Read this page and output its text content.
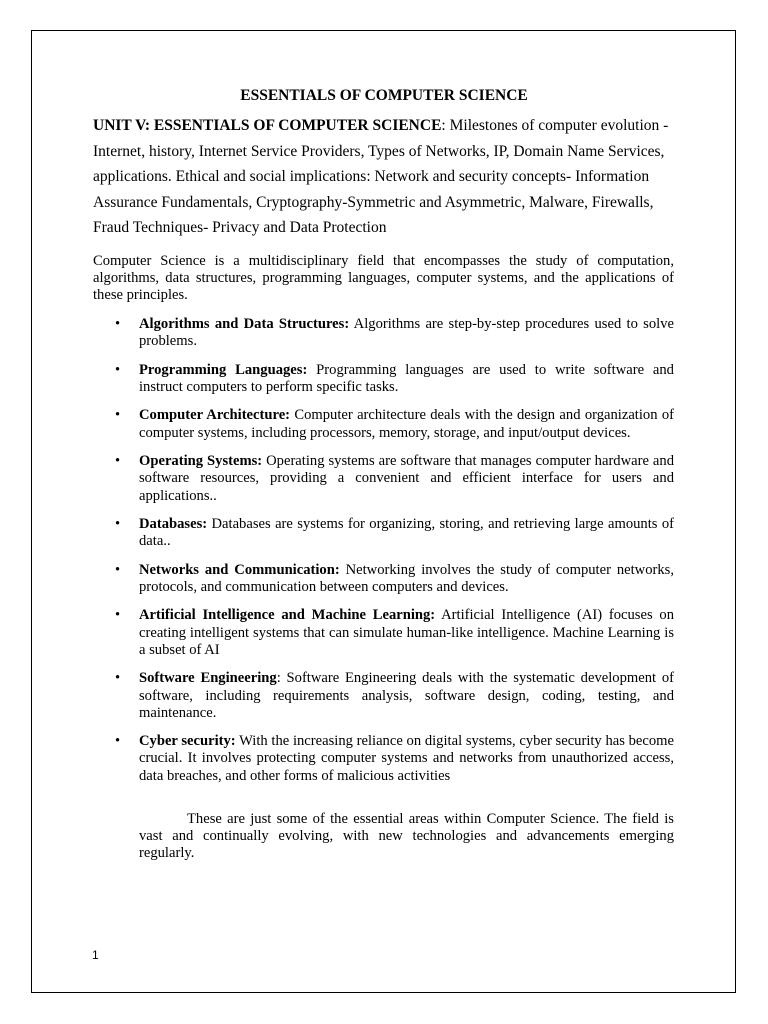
ESSENTIALS OF COMPUTER SCIENCE
UNIT V: ESSENTIALS OF COMPUTER SCIENCE: Milestones of computer evolution - Internet, history, Internet Service Providers, Types of Networks, IP, Domain Name Services, applications. Ethical and social implications: Network and security concepts- Information Assurance Fundamentals, Cryptography-Symmetric and Asymmetric, Malware, Firewalls, Fraud Techniques- Privacy and Data Protection
Computer Science is a multidisciplinary field that encompasses the study of computation, algorithms, data structures, programming languages, computer systems, and the applications of these principles.
• Algorithms and Data Structures: Algorithms are step-by-step procedures used to solve problems.
• Programming Languages: Programming languages are used to write software and instruct computers to perform specific tasks.
• Computer Architecture: Computer architecture deals with the design and organization of computer systems, including processors, memory, storage, and input/output devices.
• Operating Systems: Operating systems are software that manages computer hardware and software resources, providing a convenient and efficient interface for users and applications..
• Databases: Databases are systems for organizing, storing, and retrieving large amounts of data..
• Networks and Communication: Networking involves the study of computer networks, protocols, and communication between computers and devices.
• Artificial Intelligence and Machine Learning: Artificial Intelligence (AI) focuses on creating intelligent systems that can simulate human-like intelligence. Machine Learning is a subset of AI
• Software Engineering: Software Engineering deals with the systematic development of software, including requirements analysis, software design, coding, testing, and maintenance.
• Cyber security: With the increasing reliance on digital systems, cyber security has become crucial. It involves protecting computer systems and networks from unauthorized access, data breaches, and other forms of malicious activities
These are just some of the essential areas within Computer Science. The field is vast and continually evolving, with new technologies and advancements emerging regularly.
1
